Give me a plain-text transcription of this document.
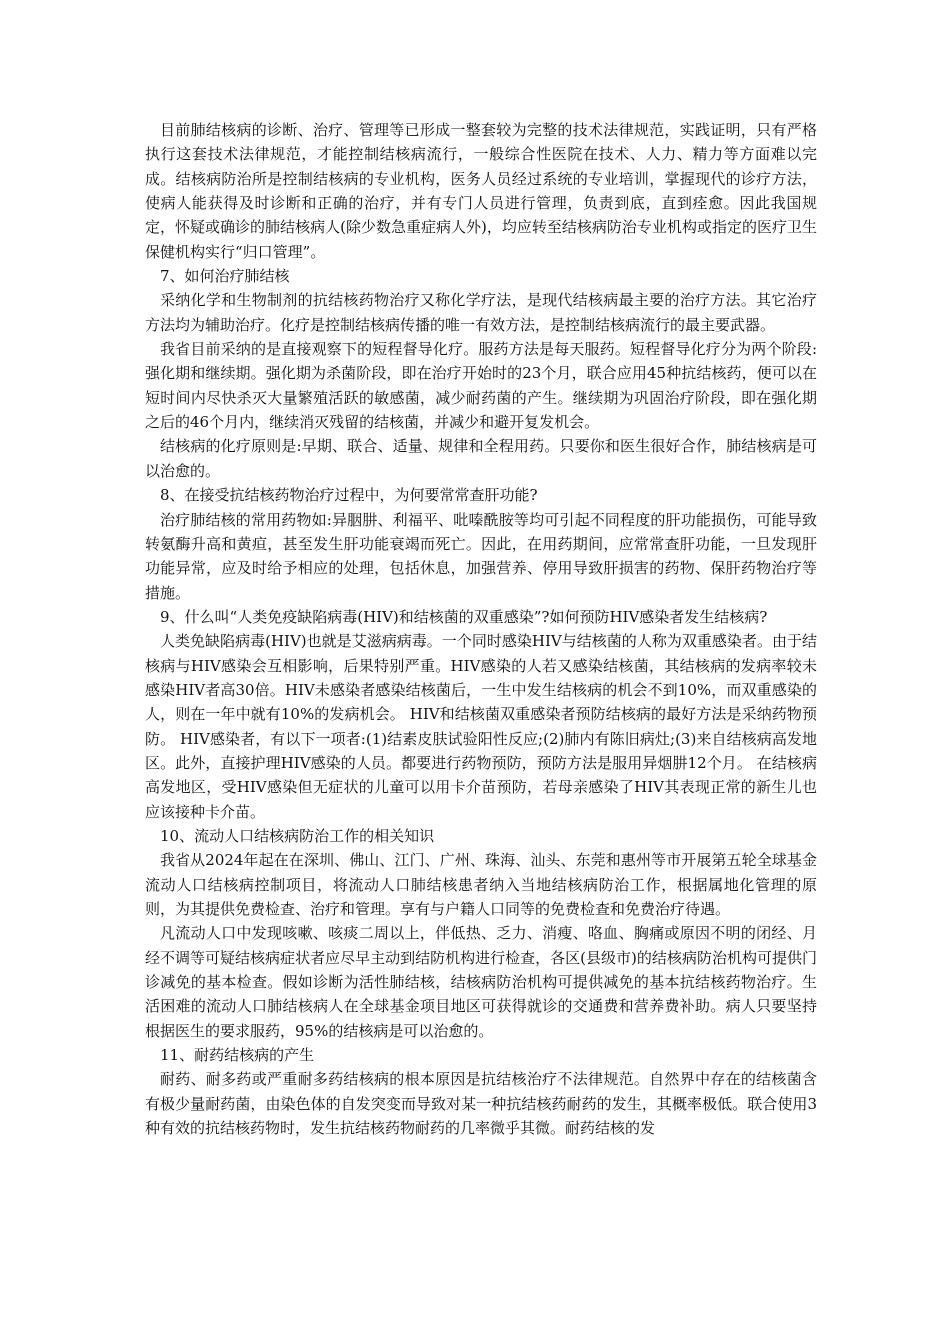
目前肺结核病的诊断、治疗、管理等已形成一整套较为完整的技术法律规范，实践证明，只有严格执行这套技术法律规范，才能控制结核病流行，一般综合性医院在技术、人力、精力等方面难以完成。结核病防治所是控制结核病的专业机构，医务人员经过系统的专业培训，掌握现代的诊疗方法，使病人能获得及时诊断和正确的治疗，并有专门人员进行管理，负责到底，直到痊愈。因此我国规定，怀疑或确诊的肺结核病人(除少数急重症病人外)，均应转至结核病防治专业机构或指定的医疗卫生保健机构实行“归口管理”。

7、如何治疗肺结核

采纳化学和生物制剂的抗结核药物治疗又称化学疗法，是现代结核病最主要的治疗方法。其它治疗方法均为辅助治疗。化疗是控制结核病传播的唯一有效方法，是控制结核病流行的最主要武器。

我省目前采纳的是直接观察下的短程督导化疗。服药方法是每天服药。短程督导化疗分为两个阶段:强化期和继续期。强化期为杀菌阶段，即在治疗开始时的23个月，联合应用45种抗结核药，便可以在短时间内尽快杀灭大量繁殖活跃的敏感菌，减少耐药菌的产生。继续期为巩固治疗阶段，即在强化期之后的46个月内，继续消灭残留的结核菌，并减少和避开复发机会。

结核病的化疗原则是:早期、联合、适量、规律和全程用药。只要你和医生很好合作，肺结核病是可以治愈的。

8、在接受抗结核药物治疗过程中，为何要常常查肝功能?

治疗肺结核的常用药物如:异胭肼、利福平、吡嗪酰胺等均可引起不同程度的肝功能损伤，可能导致转氨酶升高和黄疸，甚至发生肝功能衰竭而死亡。因此，在用药期间，应常常查肝功能，一旦发现肝功能异常，应及时给予相应的处理，包括休息，加强营养、停用导致肝损害的药物、保肝药物治疗等措施。

9、什么叫“人类免疫缺陷病毒(HIV)和结核菌的双重感染”?如何预防HIV感染者发生结核病?

人类免缺陷病毒(HIV)也就是艾滋病病毒。一个同时感染HIV与结核菌的人称为双重感染者。由于结核病与HIV感染会互相影响，后果特别严重。HIV感染的人若又感染结核菌，其结核病的发病率较未感染HIV者高30倍。HIV未感染者感染结核菌后，一生中发生结核病的机会不到10%，而双重感染的人，则在一年中就有10%的发病机会。 HIV和结核菌双重感染者预防结核病的最好方法是采纳药物预防。 HIV感染者，有以下一项者:(1)结素皮肤试验阳性反应;(2)肺内有陈旧病灶;(3)来自结核病高发地区。此外，直接护理HIV感染的人员。都要进行药物预防，预防方法是服用异烟肼12个月。 在结核病高发地区，受HIV感染但无症状的儿童可以用卡介苗预防，若母亲感染了HIV其表现正常的新生儿也应该接种卡介苗。

10、流动人口结核病防治工作的相关知识

我省从2024年起在在深圳、佛山、江门、广州、珠海、汕头、东莞和惠州等市开展第五轮全球基金流动人口结核病控制项目，将流动人口肺结核患者纳入当地结核病防治工作，根据属地化管理的原则，为其提供免费检查、治疗和管理。享有与户籍人口同等的免费检查和免费治疗待遇。

凡流动人口中发现咳嗽、咳痰二周以上，伴低热、乏力、消瘦、咯血、胸痛或原因不明的闭经、月经不调等可疑结核病症状者应尽早主动到结防机构进行检查，各区(县级市)的结核病防治机构可提供门诊减免的基本检查。假如诊断为活性肺结核，结核病防治机构可提供减免的基本抗结核药物治疗。生活困难的流动人口肺结核病人在全球基金项目地区可获得就诊的交通费和营养费补助。病人只要坚持根据医生的要求服药，95%的结核病是可以治愈的。

11、耐药结核病的产生

耐药、耐多药或严重耐多药结核病的根本原因是抗结核治疗不法律规范。自然界中存在的结核菌含有极少量耐药菌，由染色体的自发突变而导致对某一种抗结核药耐药的发生，其概率极低。联合使用3种有效的抗结核药物时，发生抗结核药物耐药的几率微乎其微。耐药结核的发
